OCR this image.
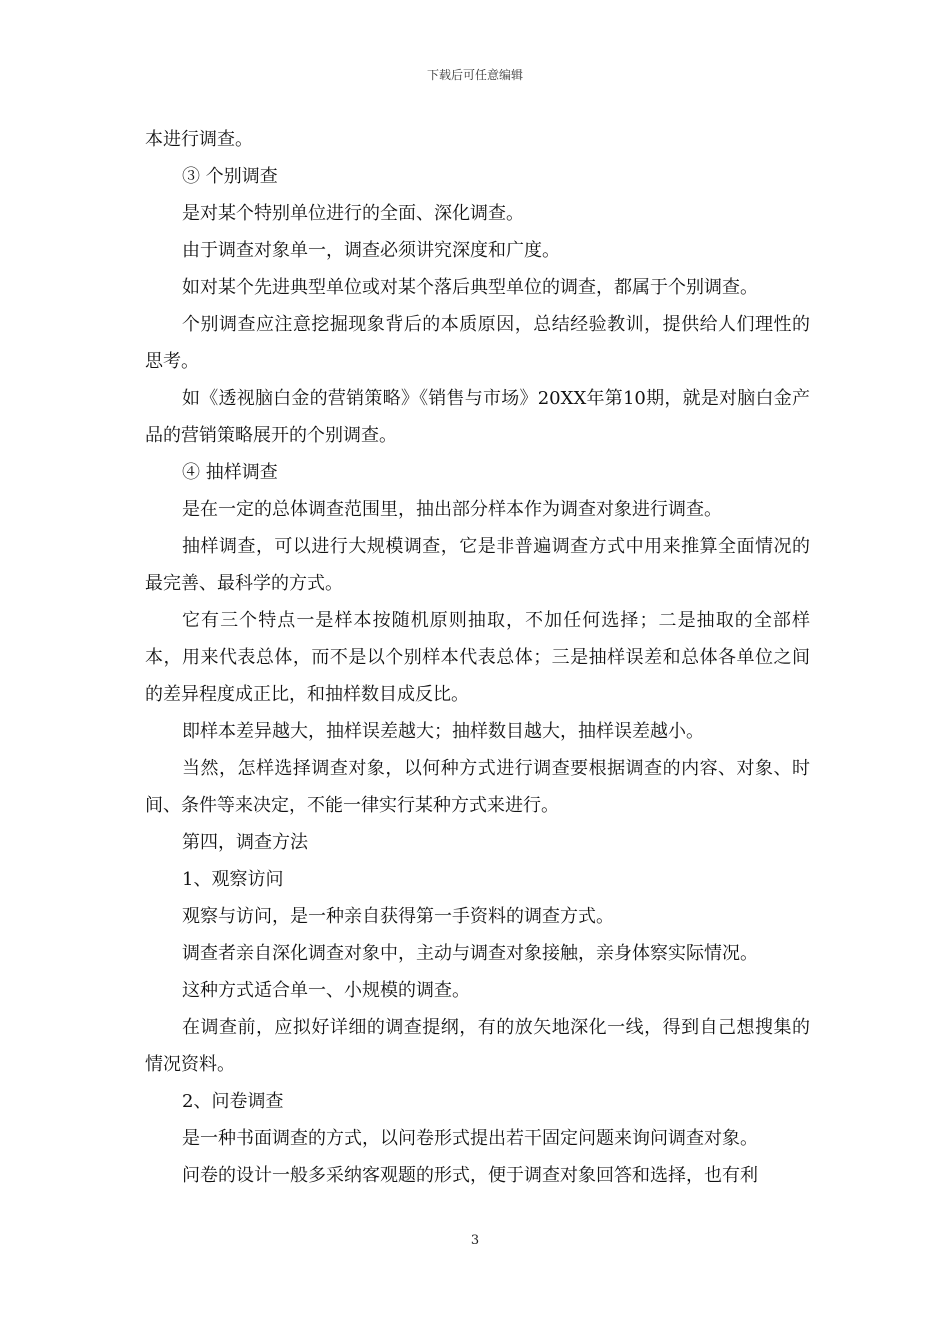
下载后可任意编辑

本进行调查。

③ 个别调查

是对某个特别单位进行的全面、深化调查。

由于调查对象单一，调查必须讲究深度和广度。

如对某个先进典型单位或对某个落后典型单位的调查，都属于个别调查。

个别调查应注意挖掘现象背后的本质原因，总结经验教训，提供给人们理性的思考。

如《透视脑白金的营销策略》《销售与市场》20XX年第10期，就是对脑白金产品的营销策略展开的个别调查。

④ 抽样调查

是在一定的总体调查范围里，抽出部分样本作为调查对象进行调查。

抽样调查，可以进行大规模调查，它是非普遍调查方式中用来推算全面情况的最完善、最科学的方式。

它有三个特点一是样本按随机原则抽取，不加任何选择；二是抽取的全部样本，用来代表总体，而不是以个别样本代表总体；三是抽样误差和总体各单位之间的差异程度成正比，和抽样数目成反比。

即样本差异越大，抽样误差越大；抽样数目越大，抽样误差越小。

当然，怎样选择调查对象，以何种方式进行调查要根据调查的内容、对象、时间、条件等来决定，不能一律实行某种方式来进行。

第四，调查方法

1、观察访问

观察与访问，是一种亲自获得第一手资料的调查方式。

调查者亲自深化调查对象中，主动与调查对象接触，亲身体察实际情况。

这种方式适合单一、小规模的调查。

在调查前，应拟好详细的调查提纲，有的放矢地深化一线，得到自己想搜集的情况资料。

2、问卷调查

是一种书面调查的方式，以问卷形式提出若干固定问题来询问调查对象。

问卷的设计一般多采纳客观题的形式，便于调查对象回答和选择，也有利

3
